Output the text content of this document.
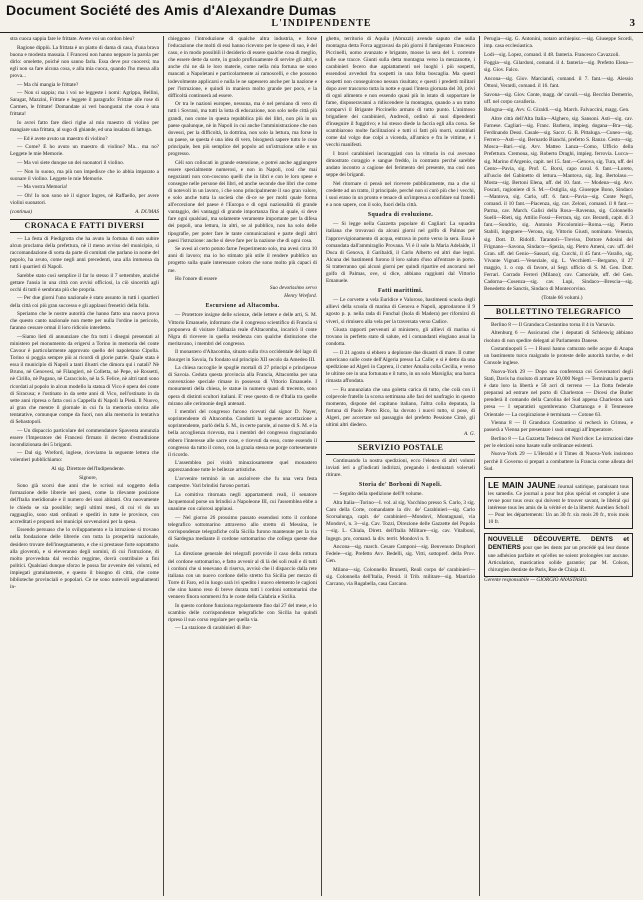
Document Société des Amis d'Alexandre Dumas
L'INDIPENDENTE	3

stra cuoca sappia fare le frittate. Avete voi un cordon bleu?

Ragione dippiù. La frittata è un piatto di dama di casa, d'una brava buona e modesta massaia. I Francesi non hanno neppure la parola per dirlo: omelette, poiché non sanno farla. Essa deve pur cuocersi; ma egli non sa fare alcuna cosa, e alla mia cuoca, quando l'ho messa alla prova...

— Ma chi mangia le frittate?

— Non si sappia; ma i voi ne leggeste i nomi: Agrippa, Bellini, Saragat, Mazzini, Frittate e leggete il paragrafo: Frittate alle rose di Carmen, le frittate! Domandate ai veri buongustai che cosa è una frittata!

Io avrei fatto fare dieci righe al mio maestro di violino per mangiare una frittata, al sugo di ghiande, ed una insalata di lattuga.

— Ed è avete avuto un maestro di violino?

— Come? E ho avuto un maestro di violino? Ma... ma no? Leggete le mie Memorie.

— Ma voi siete dunque un dei suonatori il violino.

— Non lo suono, ma più non impedisce che io abbia imparato a suonare il violino. Leggete le mie Memorie.

— Ma vostra Memoria!

— Oh! Io non sono nè il signor Ingres, nè Raffaello, per avere violini suonatori.

(continua)	A. DUMAS
CRONACA E FATTI DIVERSI

— La festa di Piedigrotta che ha avuto la fortuna di non subire alcun proclama della prefettura, nè il meno avviso del municipio, si raccomandazione di sorta da parte di comitati che parlano in nome del popolo, ha avuto, come negli anni precedenti, una alla immensa da tutti i quartieri di Napoli.

Sarebbe stato così semplice il far lo stesso il 7 settembre, anziché gettare l'ansia in una città con avvisi officiosi, la ciò sincerità agli occhi di tutti è sembrata più che propria.

— Per due giorni l'uno nazionale è stato assunto in tutti i quartieri della città coi più gran successo e gli applausi frenetici della folla.

Speriamo che le nostre autorità che hanno fatto una nuova prova che questo canto nazionale non mette per nulla l'ordine in pericolo, faranno cessare ormai il loro ridicolo interdetto.

—Siamo lieti di annunziare che fra tutti i disegni presentati al ministero pel monumento da erigersi a Torino in memoria del conte Cavour è particolarmente approvato quello del napoletano Cipolla. Torino si poggia sempre più ai ricordi di glorie patrie. Quale stata è essa il municipio di Napoli a tanti illustri che dimora qui i natali? Nè Bruno, nè Genovesi, nè Filangieri, nè Colletta, nè Pepe, nè Rossetti, nè Cirillo, nè Pagano, nè Caracciolo, nè la S. Felice, nè altri tanti sono ricordati al popolo in alcun modello la statua di Vico è opera dei conte di Siracusa; e l'ostinato in da sette anni di Vico, nell'ostinato in da sette anni ripresa o fatta cosi a Cappella di Napoli la Pietà. Il Nuovo, al gran che mentre il giornale in cui fu la memoria storica alle tentatative, comunque compe da fuori, non alla memoria in tentativa di Sebastopoli.

— Un dispaccio particolare del commendatore Spaventa annunzia essere l'Imperatore dei Francesi firmato il decreto d'estradizione incondizionata dei 5 briganti.

— Dal sig. Wreford, inglese, riceviamo la seguente lettera che volentieri pubblichiamo:

Al sig. Direttore dell'Indipendente.

Signore,

Sono già scorsi due anni che le scrissi sul soggetto della formazione delle librerie nei paesi, come la rilevante posizione dell'Italia meridionale e il numero dei suoi abitanti. Ora nuovamente le chiedo se sia possibile; negli ultimi mesi, di cui vi do un ragguaglio, sono stati ordinati e spediti in tutte le province, con accreditati e proposti nei municipi sovvenzioni per la spesa.

Essendo persuaso che lo sviluppamento e la istruzione si trovano nella fondazione delle librerie con tutta la prosperità nazionale, desidero trovare dell'insegnamento, e che si prestasse forte soprattutto alla gioventù, e si eleveranno degli uomini, di cui l'istruzione, di molto provveduta dal vecchio reggime, dovrà contribuire a fini politici. Qualsiasi dunque sforzo le possa far avvenire dei volumi, ed impiegati gratuitamente, e questo il bisogno di città, che come biblioteche provinciali e popolari. Ce ne sono notevoli segnalamenti in-

chieggono l'introduzione di qualche altra industria, e forse l'educazione che molti di essi hanno ricevuto per le spese di suo, è del caso, e in modo possibili il desiderio di essere qualche cosa di meglio, che essere dette da sorte, in grado proficuamente di servire gli altri, e anche chi ne dà le loro materie, come nella mia fortuna ne sono mancati a Napoletani e particolarmente ai ramoscelli, e che possono lodevolmente applicarsi e nulla le ne sapessero anche per la nazione e per l'istruzione, e quindi in maniera molto grande per poco, e la difficoltà continuerà ad essere.

Or tra le nazioni europee, nessuna, ma è nel persiano di vero di tutti i Sovrani, ma tutti la lotta di educazione, non solo nelle città più grandi, non come in questa repubblica più dei libri, non più in un paese qualunque, nè in Napoli in cui anche l'amministrazione che non dovessi, per la difficoltà, la dottrina, non solo la lettura, ma forse in un paese, se questa è una idea di vero, bisognerà sapere tutto le cose principale, ben più semplice del popolo ad un'istruzione utile e un progresso.

Cèli son collocati in grande estensione, e potrei anche aggiungere essere specialmente numerosi, e non in Napoli, così che mai negozianti non con-coscono quelli che in libri e con le loro spese e consegne nelle persone dei libri, ed anche seconde due libri che come di notevoli in un lavoro, i che sono principalmente il suo gran valore, e solo anche tutta la società che di-ce se per molti quale forma all'eccezione del paese è l'Europa e di ogni nazionalità di grande vantaggio, dei vantaggi di grande importanza fino al quale, si deve fare ogni qualsiasi, ma solamente veramente importante per la difesa dei popoli, una lettura, in altri, se al pubblico, non ha solo delle tipografie, per poter fare le tante comunicazioni e parte degli altri paesi l'istruzione: anche si deve fare per la nazione che di ogni cosa.

Se avesi al certo potuto farne l'esperimento solo, ma avesi circa 10 anni di lavoro; ma io ho stimato più utile il rendere pubblico un progetto sulla quale interessare coloro che sono molto più capaci di me.

Ho l'onore di essere

Suo devotissimo servo

Henry Wreford.

Escursione ad Altacomba.

— Protettore insigne delle scienze, delle lettere e delle arti, S. M. Vittorio Emanuele, informato che il congresso scientifico di Francia si proponeva di visitare l'abbazia reale d'Altacomba, incaricò il conte Nigra di ricevere in quella residenza con qualche distinzione che meritavano, i membri del congresso.

Il monastero d'Altacomba, situato sulla riva occidentale del lago di Bourget in Savoia, fu fondato sul principio XII secolo da Amedeo III.

La chiesa raccoglie le spoglie mortali di 27 principi e principesse di Savoia. Ceduta questa provincia alla Francia, Altacomba per una convenzione speciale rimase in possesso di Vittorio Emanuele. I monumenti della chiesa, le statue in numero quasi di trecento, sono opera di distinti scultori italiani. E' rese questo di re d'Italia tra quelle mirano alle cerimonie degli antenati.

I membri del congresso furono ricevuti dal signor D. Nayer, soprintendente di Altacomba. Condotti la seguente accettazione a soprintendente, parlò della S. M., in certe parole, al nome di S. M. e la bella accoglienza ricevuta, ma i membri del congresso ringraziando ebbero l'interesse alle sacre cose, e ricevuti da esso, come essendo il congresso da tutto il corso, con la grazia stessa ne porge cortesemente il ricordo.

L'assemblea poi visitò minuziosamente quel monastero apprezzandone tutte le bellezze artistiche.

L'avvenire terminò in un asciolvere che fu una vera festa campestre. Vari brindisi furono portati.

La comitiva ritornata negli appartamenti reali, il senatore Jacquemoud porse un brindisi a Napoleone III, cui l'assemblea ebbe a unanime con calorosi applausi.

— Nel giorno 26 prossimo passato essendosi rotto il cordone telegrafico sottomarino attraverso allo stretto di Messina, le corrispondenze telegrafiche colla Sicilia furono mantenute per la via di Sardegna mediante il cordone sottomarino che collega queste due isole.

La direzione generale dei telegrafi provvide il caso della rottura del cordone sottomarino, e fatto avvenir al di là dei soli reali e di tutti i cordoni che si tenevano di riserva, avvisò che il dispaccio dalla rete italiana con un nuovo cordone dello stretto fra Sicilia per mezzo di Torre di Faro, ed in luogo sarà ivi spedito i nuovo elemento le cagioni che sino hanno reso di breve durata tutti i cordoni sottomarini che vennero finora sommersi fra le coste della Calabria e Sicilia.

In questo cordone funziona regolarmente fino dal 27 del mese, e lo scambio delle corrispondenze telegrafiche con Sicilia ha quindi ripreso il suo corso regolare per quella via.

— La stazione di carabinieri di Bor-

ghetto, territorio di Aquila (Abruzzi) avendo saputo che sulla montagna detta Forca aggravasi da più giorni il famigerato Francesco Piccinelli, uomo avanzato e brigante, mosse la sera del 1. corrente sulle sue tracce. Giunti sulla detta montagna verso la mezzanotte, i carabinieri fecero due appiattamenti nei luoghi i più sospetti, essendosi avveduti fra sospetti in una folta boscaglia. Ma questi sospetti non conseguirono nessun risultato; e questi i predetti militari dopo aver trascorso tutta la notte e quasi l'intera giornata del 30, privi di ogni alimento e non essendo quasi più in istato di sopportare le fame, disposeravanni a ridiscendere la montagna, quando a un tratto comparvi il Brigante Piccinello armato di tutto punto. L'animoso brigadiere dei carabinieri, Andreoli, ordinò ai suoi dipendenti d'inseguire il fuggitivo; e lui stesso diede la faccia egli alla corsa. Se scambiarono molte facilitazioni e tutti si fatti più morti, scambiati come dal volgo due colpi a vicenda, all'amico e fra le vittime, e i vecchi manifesti.

I bravi carabinieri incoraggiati con la vittoria in cui avevano dimostrato coraggio e sangue freddo, in contrasto perché sarebbe andato incontro a cagione del ferimento del presente, ma così non seppe dei briganti.

Nel ritornare ci pensò nel ricevere pubblicamente, ma a che si credette ad un tratto, il principale, perché non si curò più che i vecchi, i suoi erano in un pronto e tenace di un'impresa a confidare sui fratelli e a non sapere, con il solo, fuori della città.

Squadra di evoluzione.

— Si legge nella Gazzetta popolare di Cagliari: La squadra italiana che trovavasi da alcuni giorni nel golfo di Palmas per l'approvvigionamento di acqua, entrava in porto verso la sera. Essa è comandata dall'ammiraglio Provana. Vi è il sole la Maria Adelaide, il Duca di Genova, il Garibaldi, il Carlo Alberto ed altri due legni. Alcuna dei bastimenti furono il loro saluto d'uso all'entrare in porto. Si tratterranno qui alcuni giorni per quindi ripartire ed ancorarsi nel golfo di Palmas, ove, si dice, abbiano raggiunti dal Vittorio Emanuele.

Fatti marittimi.

— Le corvette a vela Euridice e Valoroso, bastimenti scuola degli allievi della scuola di marina di Genova e Napoli, approdarono il 9 agosto p. p. nella rada di Funchal (Isola di Madera) per rifornirsi di viveri, si rimisero alla vela per la traversata verso Cadice.

Giusta rapporti pervenuti al ministero, gli allievi di marina si trovano in perfetto stato di salute, ed i comandanti elogiano assai la condotta.

— Il 21 agosto si ebbero a deplorare due disastri di mare. Il cutter americano sulle coste dell'Algeria presso La Calle; e si è detto da una spedizione ad Algeri in Caprera, il cutter Amalia colla Cecilia, e verso le ultime ore in una fortunata e il tutto, in un solo Marsiglia; una barca rimasta affondata.

— Fu annunziata che una goletta carica di tutto, che colà con il colpevole fratello la scorsa settimana alle fasi del naufragio in questo momento, dispone del capitano italiano, l'altra colla deputata, la fortuna di Paolo Porto Rico, ha dovuto i nuovi tutto, si pose, di Algeri, per accertare sul passaggio del prefetto Pessione Cimè, gli ultimi altri diedero.

A. G.

SERVIZIO POSTALE

Continuando la nostra spedizioni, ecco l'elenco di altri volumi inviati ieri a gl'indicati indirizzi, pregando i destinatari volerseli ritirare.

Storia de' Borboni di Napoli.

— Seguito della spedizione dell'8 volume.

Alta Italia—Torino—I. vol. al sig. Vacchino presso S. Carlo, 3 sig. Caro della Corte, comandante la div. de' Carabinieri—sig. Carlo Scorsalunga, capit. de' carabinieri—Mondovì, Montagnani, via Mondovì, n. 3—sig. Cav. Tozzi, Direzione delle Gazzette del Popolo—sig. L. Chiala, Dirett. dell'Italia Militare—sig. cav. Vitalboni, Ingegn. pro, comand. la div. territ. Mondovì n. 9.

Ancona—sig. march. Cesare Camponi—sig. Benvenuto Druphori Fedele—sig. Prefetto Avv. Bedelli, sig. Vitti, sottopref. della Prov. Gen.

Milano—sig. Colonnello Brunetti, Reali corpo de' carabinieri—sig. Colonnella dell'Italia, Presid. il Trib. militare—sig. Maurizio Carcano, via Rugabella, casa Carcano.

Perugia—sig. G. Antonini, notaro archiepisc.—sig. Giuseppe Scordi, imp. casa ecclesiastica.

Lodi—sig. Lopez, comand. il 48. fanteria. Francesco Cavazzoli.

Foggia—sig. Gilardoni, comand. il 4. fanteria—sig. Prefetto Elena—sig. Giov. Falco.

Ancona—sig. Giov. Marciandi, comand. il 7. fant.—sig. Alessio Ottoni, Verardi, comand. il 16. fant.

Savona—sig. Giov. Conte, magg. de' cavall.—sig. Becchio Demetrio, uff. nel corpo cavalleria.

Bologna—sig. Avv. G. Giraldi.—sig. March. Falvaccini, magg. Gen.

Altre città dell'Alta Italia—Alghero, sig. Sansoni. Asti—sig. cav. Farnese. Cagliari—sig. Franc. Barbera, impieg. dogana—Bra—sig. Ferdinando Dessi. Casale—sig. Saccr. G. B. Pittaluga.—Cuneo—sig. Ferrero—Asti—sig. Bernardo Bianchi, prefetto S. Ranzo. Cesto—sig. Mosca—Bari.—sig. Avv. Matteo Lanza—Como, Ufficio della Prefettura. Cremona, sig. Roberto Draghi, impieg. ferrovia. Lucca—sig. Marino d'Argenio, capit. nel 15. fant.—Genova, sig. Tura, uff. del Cento—Pavia, sig. Prof. C. Borsi, capo caval. 6. fant.—Loreto, all'uscio del Gabinetto di lettura.—Mantova, sig. Ing. Bertolaso.—Mosta—sig. Bertoni Elena, uff. del 10. fant. — Modena—sig. Avv. Foscari, ragioniere di S. M.—Ostiglia, sig. Giuseppe Bono, Sindaco—Mantova, sig. Carlo, uff. 6. fant.—Pavia—sig. Conte Negri, comand. il 10 fant.—Piacenza, sig. cav. Zeloni, comand. il 8 fant.—Parma, cav. March. Galisi della Rosa—Ravenna, sig. Colonnello Suelli—Rieti, sig. Attilio Fossi—Ferrara, sig. cav. Berardi, capit. di 3 fant.—Sondrio, sig. Antonio Piccolomini—Roma.—sig. Pietro Stabili, ingegnere—Verona, sig. Vittorio Giusti, nominato. Venezia, sig. Dott. D. Ridolfi. Tarantoli—Treviso, Dottore Adosini del Frignano—Savona, Sindaco—Spezia, sig. Pietro Ameni, cav. uff. del Gran. uff. del Genio—Sassari, sig. Cucchi, il 45 fant.—Varallo, sig. Vivante Vignati.—Veneziale, sig. L. Vecchietti.—Bergamo, il 27 maggio, 1. o cop. di favore, al Segr. ufficio di S. M. Gen. Dott. Ferrari. Corrado Ferreri (Milano); cav. Camoriale, uff. del Gen. Cadorna—Cosenza—sig. cav. Lupi, Sindaco—Brescia—sig. Benedetto de Sanctis, Sindaco di Montecorvino.

(Totale 66 volumi.)

BOLLETTINO TELEGRAFICO

Berlino 8 — Il Granduca Costantino torna il 4 in Varsavia.

Altenburg 6 — Assicurasi che i deputati di Schleswig abbiano risoluto di non spedire delegati al Parlamento Danese.

Costantinopoli 5 — I Russi hanno catturato nelle acque di Anapa un bastimento turco malgrado le proteste delle autorità turche, e del Console inglese.

Nuova-York 29 — Dopo una conferenza coi Governatori degli Stati, Davis ha risoluto di armare 50,000 Negri — Terminata la guerra è dato loro la libertà e 50 acri di terreno — La flotta federale preparasi ad entrare nel porto di Charleston — Dicesi che Butler prenderà il comando della Carolina del Sud appena Charleston sarà presa — I separatisti sgombrerano Chattanoga e il Tennessee Orientale — La cospirazione è terminata — Cotone 63.

Vienna 8 — Il Granduca Costantino si recherà in Crimea, e passerà a Vienna per presentare i suoi omaggi all'Imperatore.

Berlino 8 — La Gazzetta Tedesca del Nord dice: Le istruzioni date per le elezioni sono basate sulle ordinanze esistenti.

Nuova-York 29 — L'Herald e il Times di Nuova-York insistono perchè il Governo si prepari a combattere la Francia come alleata del Sud.

LE MAIN JAUNE Journal satirique, paraissant tous les samedis. Ce journal a pour but plus spécial et complet à une revue pour tous ceux qui doivent le trouver savant, le libéral qui intéresse tous les amis de la vérité et de la liberté: Aurelien Scholl — Pour les départements: Un an 30 fr. six mois 20 fr., trois mois 10 fr.
NOUVELLE DÉCOUVERTE. DENTS et DENTIERS pour que les dents par un procédé qui leur donne une adhésion parfaite et qu'elles ne soient prolongées sur aucune. Articulation, mastication solide garantie; par M. Colson, chirurgien dentiste de Paris, Rue de Chiaja 41.

Gerente responsabile — GIORGIO ANASTASIO.
